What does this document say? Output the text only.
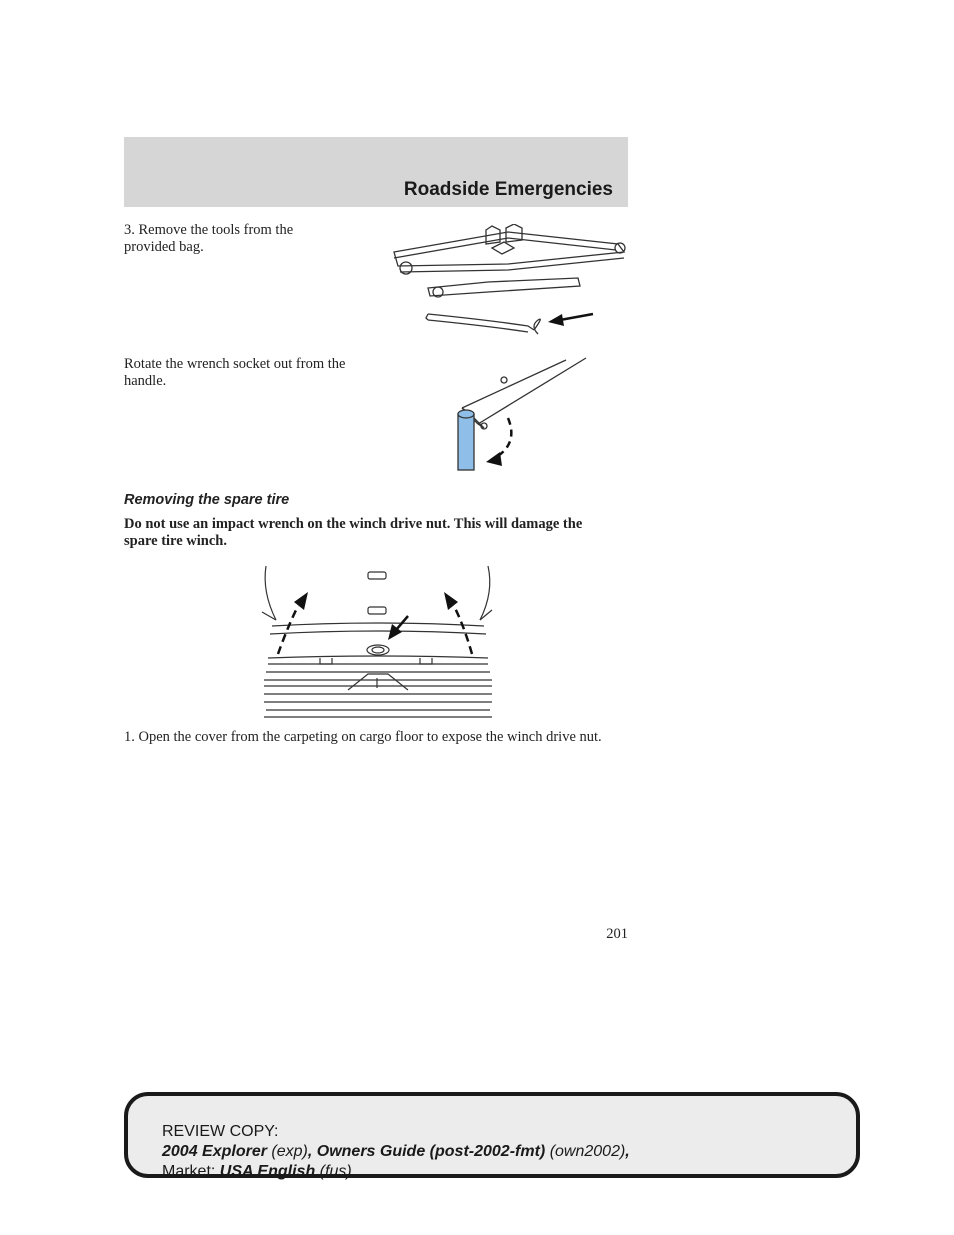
Roadside Emergencies
3. Remove the tools from the provided bag.
Rotate the wrench socket out from the handle.
Removing the spare tire
Do not use an impact wrench on the winch drive nut. This will damage the spare tire winch.
1. Open the cover from the carpeting on cargo floor to expose the winch drive nut.
201
REVIEW COPY:
2004 Explorer (exp), Owners Guide (post-2002-fmt) (own2002),
Market: USA English (fus)
